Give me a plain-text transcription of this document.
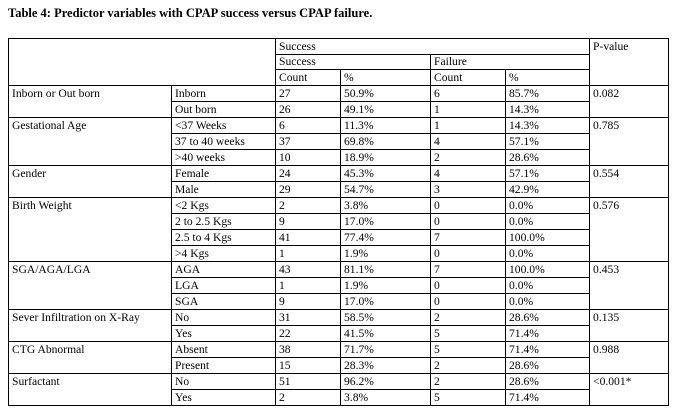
Table 4: Predictor variables with CPAP success versus CPAP failure.
		Success				P-value
		Success		Failure		
		Count	%	Count	%	
Inborn or Out born	Inborn	27	50.9%	6	85.7%	0.082
	Out born	26	49.1%	1	14.3%	
Gestational Age	<37 Weeks	6	11.3%	1	14.3%	0.785
	37 to 40 weeks	37	69.8%	4	57.1%	
	>40 weeks	10	18.9%	2	28.6%	
Gender	Female	24	45.3%	4	57.1%	0.554
	Male	29	54.7%	3	42.9%	
Birth Weight	<2 Kgs	2	3.8%	0	0.0%	0.576
	2 to 2.5 Kgs	9	17.0%	0	0.0%	
	2.5 to 4 Kgs	41	77.4%	7	100.0%	
	>4 Kgs	1	1.9%	0	0.0%	
SGA/AGA/LGA	AGA	43	81.1%	7	100.0%	0.453
	LGA	1	1.9%	0	0.0%	
	SGA	9	17.0%	0	0.0%	
Sever Infiltration on X-Ray	No	31	58.5%	2	28.6%	0.135
	Yes	22	41.5%	5	71.4%	
CTG Abnormal	Absent	38	71.7%	5	71.4%	0.988
	Present	15	28.3%	2	28.6%	
Surfactant	No	51	96.2%	2	28.6%	<0.001*
	Yes	2	3.8%	5	71.4%	
